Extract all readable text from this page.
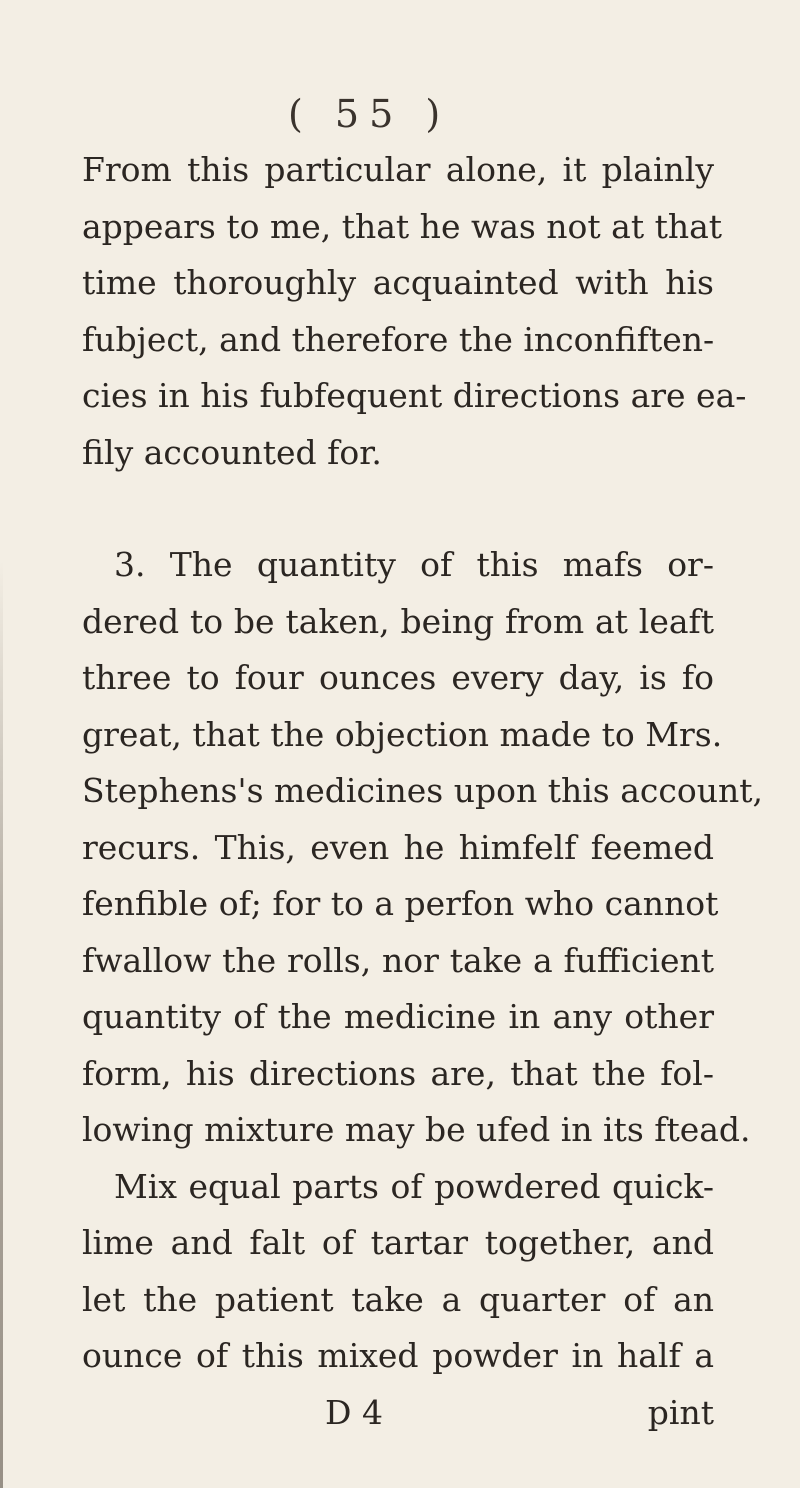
( 55 )
From this particular alone, it plainly
appears to me, that he was not at that
time thoroughly acquainted with his
fubject, and therefore the inconfiften-
cies in his fubfequent directions are ea-
fily accounted for.
3. The quantity of this mafs or-
dered to be taken, being from at leaft
three to four ounces every day, is fo
great, that the objection made to Mrs.
Stephens's medicines upon this account,
recurs. This, even he himfelf feemed
fenfible of; for to a perfon who cannot
fwallow the rolls, nor take a fufficient
quantity of the medicine in any other
form, his directions are, that the fol-
lowing mixture may be ufed in its ftead.
Mix equal parts of powdered quick-
lime and falt of tartar together, and
let the patient take a quarter of an
ounce of this mixed powder in half a
D 4	pint
